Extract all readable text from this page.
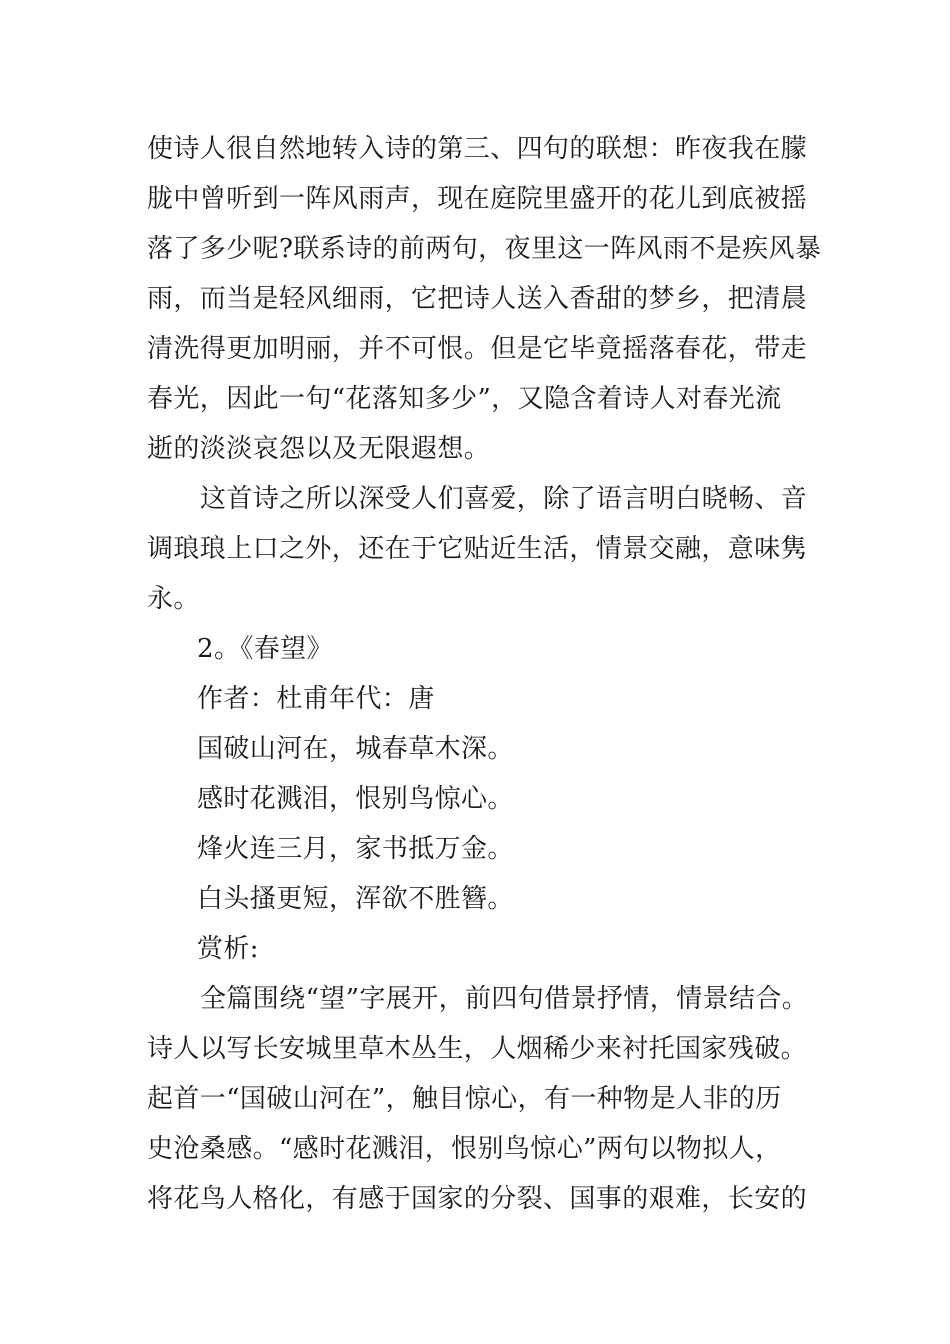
使诗人很自然地转入诗的第三、四句的联想：昨夜我在朦
胧中曾听到一阵风雨声，现在庭院里盛开的花儿到底被摇
落了多少呢?联系诗的前两句，夜里这一阵风雨不是疾风暴
雨，而当是轻风细雨，它把诗人送入香甜的梦乡，把清晨
清洗得更加明丽，并不可恨。但是它毕竟摇落春花，带走
春光，因此一句“花落知多少”，又隐含着诗人对春光流
逝的淡淡哀怨以及无限遐想。
这首诗之所以深受人们喜爱，除了语言明白晓畅、音
调琅琅上口之外，还在于它贴近生活，情景交融，意味隽
永。
2。《春望》
作者：杜甫年代：唐
国破山河在，城春草木深。
感时花溅泪，恨别鸟惊心。
烽火连三月，家书抵万金。
白头搔更短，浑欲不胜簪。
赏析:
全篇围绕“望”字展开，前四句借景抒情，情景结合。
诗人以写长安城里草木丛生，人烟稀少来衬托国家残破。
起首一“国破山河在”，触目惊心，有一种物是人非的历
史沧桑感。“感时花溅泪，恨别鸟惊心”两句以物拟人，
将花鸟人格化，有感于国家的分裂、国事的艰难，长安的
